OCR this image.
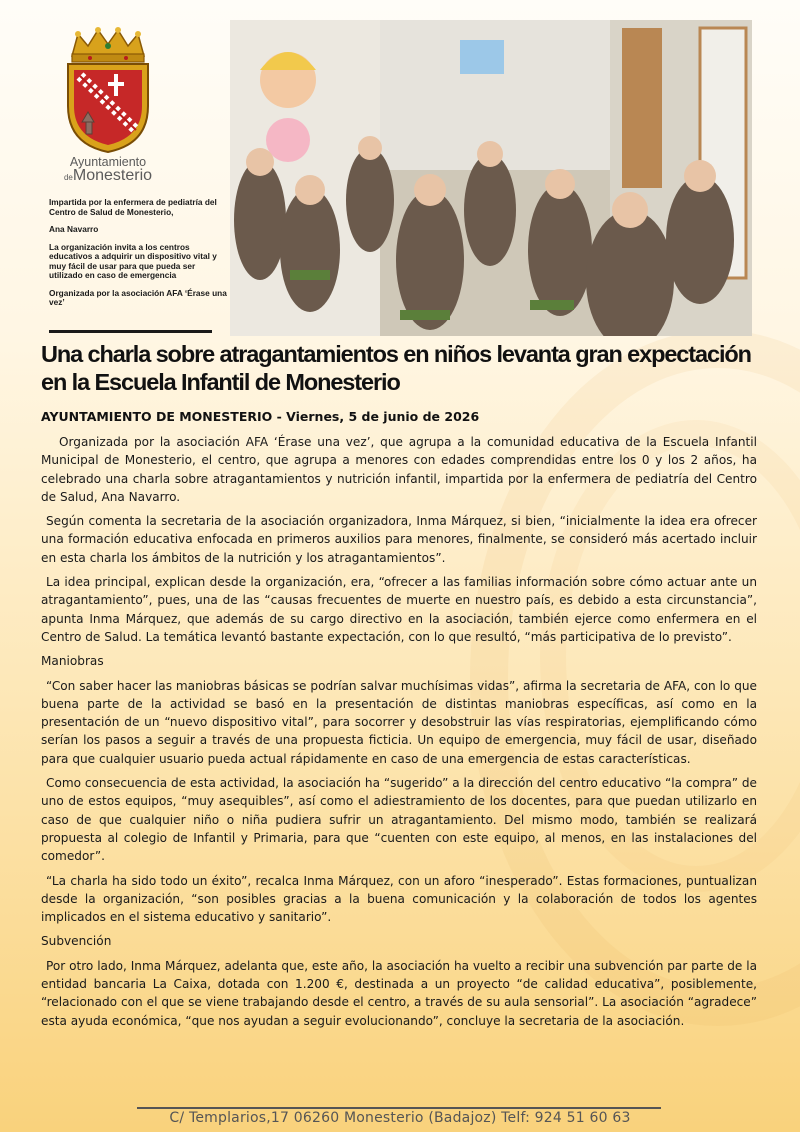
Ayuntamiento
deMonesterio

Impartida por la enfermera de pediatría del Centro de Salud de Monesterio,

Ana Navarro

La organización invita a los centros educativos a adquirir un dispositivo vital y muy fácil de usar para que pueda ser utilizado en caso de emergencia

Organizada por la asociación AFA ‘Érase una vez’

Una charla sobre atragantamientos en niños levanta gran expectación en la Escuela Infantil de Monesterio

AYUNTAMIENTO DE MONESTERIO - Viernes, 5 de junio de 2026

Organizada por la asociación AFA ‘Érase una vez’, que agrupa a la comunidad educativa de la Escuela Infantil Municipal de Monesterio, el centro, que agrupa a menores con edades comprendidas entre los 0 y los 2 años, ha celebrado una charla sobre atragantamientos y nutrición infantil, impartida por la enfermera de pediatría del Centro de Salud, Ana Navarro.

Según comenta la secretaria de la asociación organizadora, Inma Márquez, si bien, “inicialmente la idea era ofrecer una formación educativa enfocada en primeros auxilios para menores, finalmente, se consideró más acertado incluir en esta charla los ámbitos de la nutrición y los atragantamientos”.

La idea principal, explican desde la organización, era, “ofrecer a las familias información sobre cómo actuar ante un atragantamiento”, pues, una de las “causas frecuentes de muerte en nuestro país, es debido a esta circunstancia”, apunta Inma Márquez, que además de su cargo directivo en la asociación, también ejerce como enfermera en el Centro de Salud. La temática levantó bastante expectación, con lo que resultó, “más participativa de lo previsto”.

Maniobras

“Con saber hacer las maniobras básicas se podrían salvar muchísimas vidas”, afirma la secretaria de AFA, con lo que buena parte de la actividad se basó en la presentación de distintas maniobras específicas, así como en la presentación de un “nuevo dispositivo vital”, para socorrer y desobstruir las vías respiratorias, ejemplificando cómo serían los pasos a seguir a través de una propuesta ficticia. Un equipo de emergencia, muy fácil de usar, diseñado para que cualquier usuario pueda actual rápidamente en caso de una emergencia de estas características.

Como consecuencia de esta actividad, la asociación ha “sugerido” a la dirección del centro educativo “la compra” de uno de estos equipos, “muy asequibles”, así como el adiestramiento de los docentes, para que puedan utilizarlo en caso de que cualquier niño o niña pudiera sufrir un atragantamiento. Del mismo modo, también se realizará propuesta al colegio de Infantil y Primaria, para que “cuenten con este equipo, al menos, en las instalaciones del comedor”.

“La charla ha sido todo un éxito”, recalca Inma Márquez, con un aforo “inesperado”. Estas formaciones, puntualizan desde la organización, “son posibles gracias a la buena comunicación y la colaboración de todos los agentes implicados en el sistema educativo y sanitario”.

Subvención

Por otro lado, Inma Márquez, adelanta que, este año, la asociación ha vuelto a recibir una subvención par parte de la entidad bancaria La Caixa, dotada con 1.200 €, destinada a un proyecto “de calidad educativa”, posiblemente, “relacionado con el que se viene trabajando desde el centro, a través de su aula sensorial”. La asociación “agradece” esta ayuda económica, “que nos ayudan a seguir evolucionando”, concluye la secretaria de la asociación.

C/ Templarios,17 06260 Monesterio (Badajoz) Telf: 924 51 60 63
